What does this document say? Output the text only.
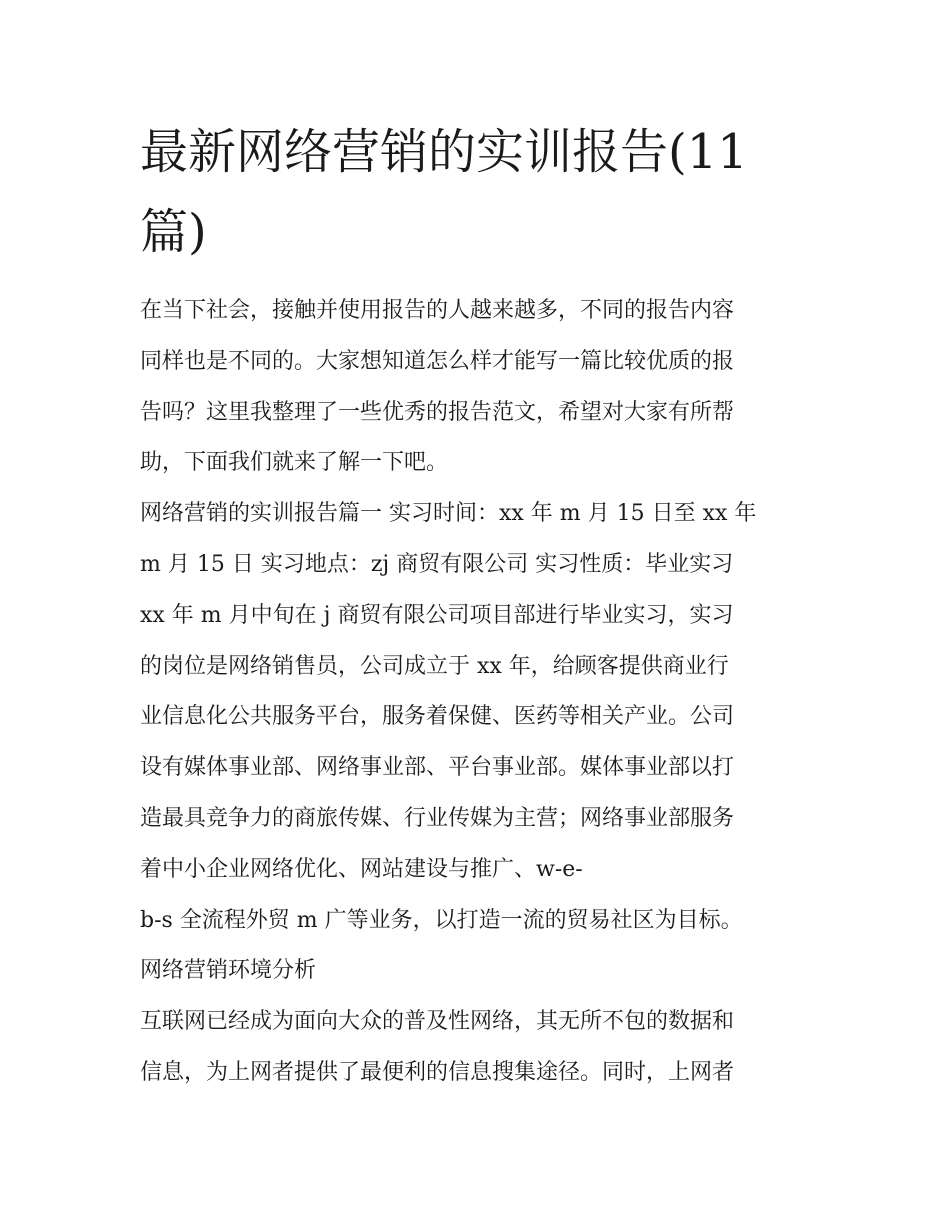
最新网络营销的实训报告(11
篇)

在当下社会，接触并使用报告的人越来越多，不同的报告内容
同样也是不同的。大家想知道怎么样才能写一篇比较优质的报
告吗？这里我整理了一些优秀的报告范文，希望对大家有所帮
助，下面我们就来了解一下吧。

网络营销的实训报告篇一 实习时间：xx 年 m 月 15 日至 xx 年
m 月 15 日 实习地点：zj 商贸有限公司 实习性质：毕业实习
xx 年 m 月中旬在 j 商贸有限公司项目部进行毕业实习，实习
的岗位是网络销售员，公司成立于 xx 年，给顾客提供商业行
业信息化公共服务平台，服务着保健、医药等相关产业。公司
设有媒体事业部、网络事业部、平台事业部。媒体事业部以打
造最具竞争力的商旅传媒、行业传媒为主营；网络事业部服务
着中小企业网络优化、网站建设与推广、w-e-
b-s 全流程外贸 m 广等业务，以打造一流的贸易社区为目标。

网络营销环境分析

互联网已经成为面向大众的普及性网络，其无所不包的数据和
信息，为上网者提供了最便利的信息搜集途径。同时，上网者
